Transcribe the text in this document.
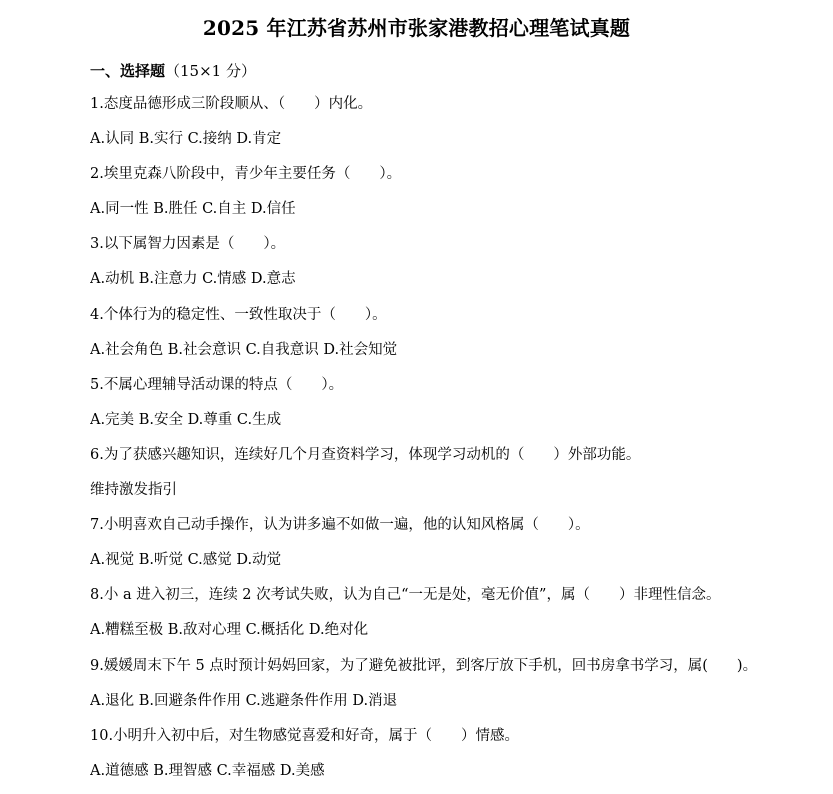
2025 年江苏省苏州市张家港教招心理笔试真题
一、选择题（15×1 分）
1.态度品德形成三阶段顺从、（　　）内化。
A.认同 B.实行 C.接纳 D.肯定
2.埃里克森八阶段中，青少年主要任务（　　）。
A.同一性 B.胜任 C.自主 D.信任
3.以下属智力因素是（　　）。
A.动机 B.注意力 C.情感 D.意志
4.个体行为的稳定性、一致性取决于（　　）。
A.社会角色 B.社会意识 C.自我意识 D.社会知觉
5.不属心理辅导活动课的特点（　　）。
A.完美 B.安全 D.尊重 C.生成
6.为了获感兴趣知识，连续好几个月查资料学习，体现学习动机的（　　）外部功能。
维持激发指引
7.小明喜欢自己动手操作，认为讲多遍不如做一遍，他的认知风格属（　　）。
A.视觉 B.听觉 C.感觉 D.动觉
8.小 a 进入初三，连续 2 次考试失败，认为自己“一无是处，毫无价值”，属（　　）非理性信念。
A.糟糕至极 B.敌对心理 C.概括化 D.绝对化
9.媛媛周末下午 5 点时预计妈妈回家，为了避免被批评，到客厅放下手机，回书房拿书学习，属(　　)。
A.退化 B.回避条件作用 C.逃避条件作用 D.消退
10.小明升入初中后，对生物感觉喜爱和好奇，属于（　　）情感。
A.道德感 B.理智感 C.幸福感 D.美感
